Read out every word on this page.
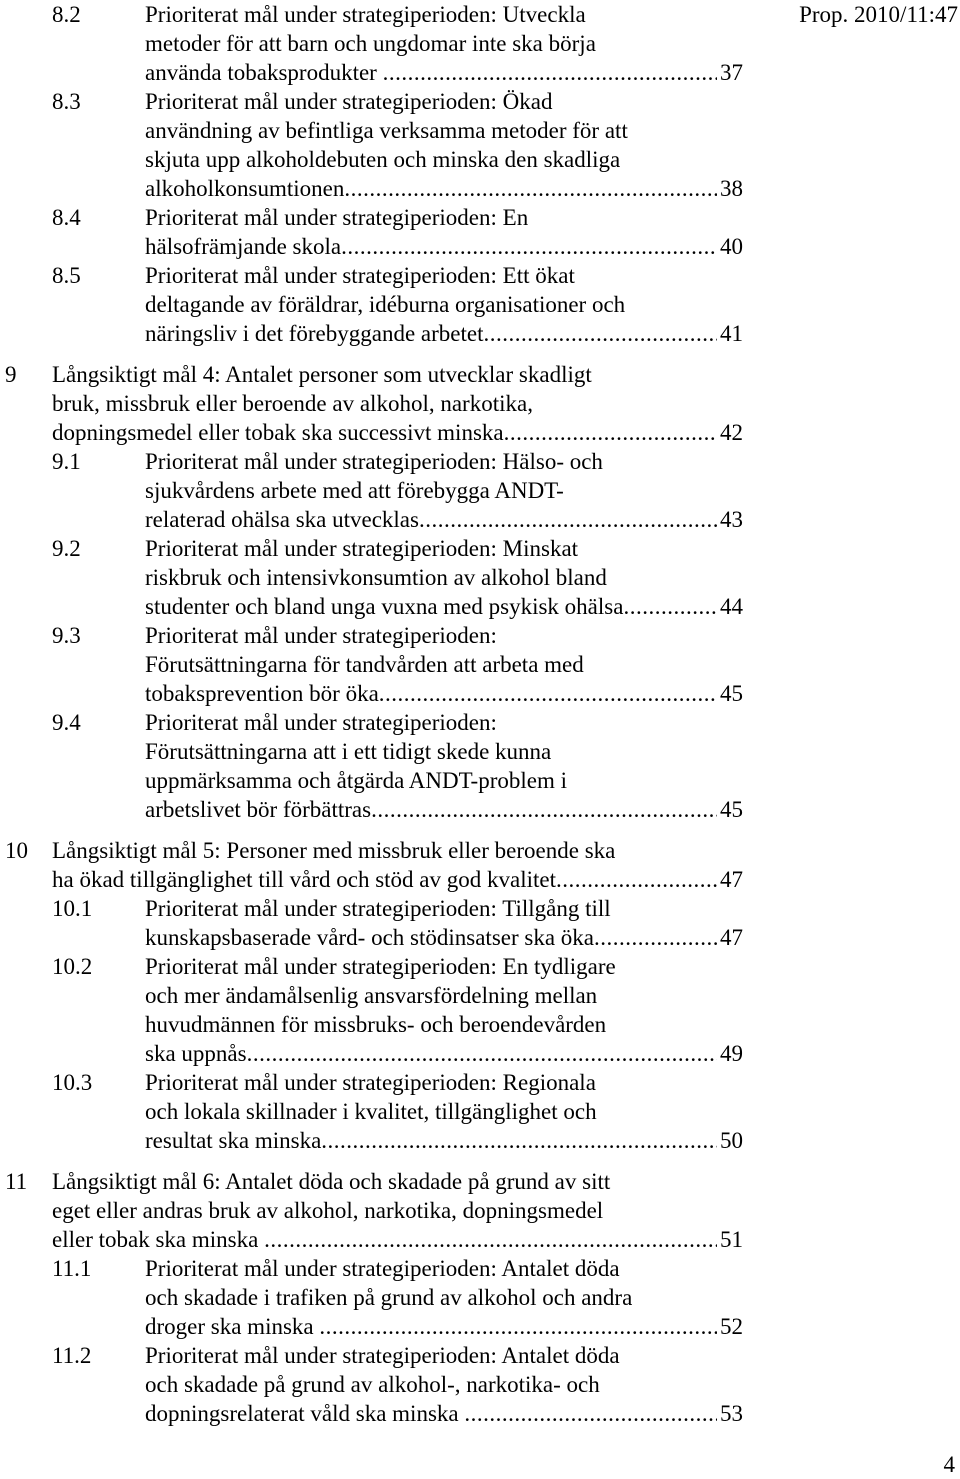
Prop. 2010/11:47
8.2	Prioriterat mål under strategiperioden: Utveckla
metoder för att barn och ungdomar inte ska börja
använda tobaksprodukter .....	37
8.3	Prioriterat mål under strategiperioden: Ökad
användning av befintliga verksamma metoder för att
skjuta upp alkoholdebuten och minska den skadliga
alkoholkonsumtionen .....	38
8.4	Prioriterat mål under strategiperioden: En
hälsofrämjande skola .....	40
8.5	Prioriterat mål under strategiperioden: Ett ökat
deltagande av föräldrar, idéburna organisationer och
näringsliv i det förebyggande arbetet .....	41
9 Långsiktigt mål 4: Antalet personer som utvecklar skadligt
bruk, missbruk eller beroende av alkohol, narkotika,
dopningsmedel eller tobak ska successivt minska .....	42
9.1	Prioriterat mål under strategiperioden: Hälso- och
sjukvårdens arbete med att förebygga ANDT-
relaterad ohälsa ska utvecklas .....	43
9.2	Prioriterat mål under strategiperioden: Minskat
riskbruk och intensivkonsumtion av alkohol bland
studenter och bland unga vuxna med psykisk ohälsa .....	44
9.3	Prioriterat mål under strategiperioden:
Förutsättningarna för tandvården att arbeta med
tobaksprevention bör öka .....	45
9.4	Prioriterat mål under strategiperioden:
Förutsättningarna att i ett tidigt skede kunna
uppmärksamma och åtgärda ANDT-problem i
arbetslivet bör förbättras .....	45
10 Långsiktigt mål 5: Personer med missbruk eller beroende ska
ha ökad tillgänglighet till vård och stöd av god kvalitet .....	47
10.1 Prioriterat mål under strategiperioden: Tillgång till
kunskapsbaserade vård- och stödinsatser ska öka .....	47
10.2 Prioriterat mål under strategiperioden: En tydligare
och mer ändamålsenlig ansvarsfördelning mellan
huvudmännen för missbruks- och beroendevården
ska uppnås .....	49
10.3 Prioriterat mål under strategiperioden: Regionala
och lokala skillnader i kvalitet, tillgänglighet och
resultat ska minska .....	50
11 Långsiktigt mål 6: Antalet döda och skadade på grund av sitt
eget eller andras bruk av alkohol, narkotika, dopningsmedel
eller tobak ska minska .....	51
11.1 Prioriterat mål under strategiperioden: Antalet döda
och skadade i trafiken på grund av alkohol och andra
droger ska minska .....	52
11.2 Prioriterat mål under strategiperioden: Antalet döda
och skadade på grund av alkohol-, narkotika- och
dopningsrelaterat våld ska minska .....	53
4
